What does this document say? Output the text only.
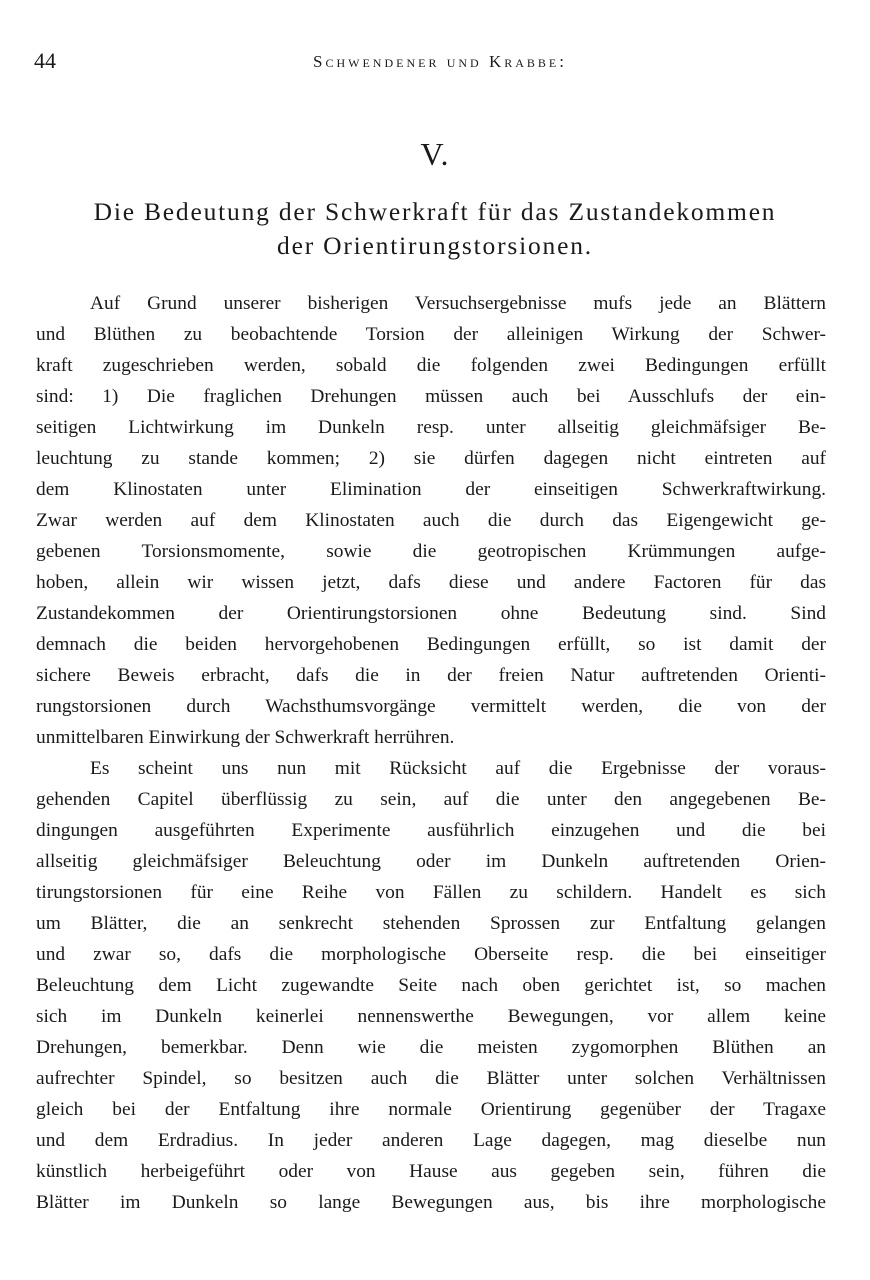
44	Schwendener und Krabbe:
V.
Die Bedeutung der Schwerkraft für das Zustandekommen
der Orientirungstorsionen.
Auf Grund unserer bisherigen Versuchsergebnisse mufs jede an Blättern
und Blüthen zu beobachtende Torsion der alleinigen Wirkung der Schwer-
kraft zugeschrieben werden, sobald die folgenden zwei Bedingungen erfüllt
sind: 1) Die fraglichen Drehungen müssen auch bei Ausschlufs der ein-
seitigen Lichtwirkung im Dunkeln resp. unter allseitig gleichmäfsiger Be-
leuchtung zu stande kommen; 2) sie dürfen dagegen nicht eintreten auf
dem Klinostaten unter Elimination der einseitigen Schwerkraftwirkung.
Zwar werden auf dem Klinostaten auch die durch das Eigengewicht ge-
gebenen Torsionsmomente, sowie die geotropischen Krümmungen aufge-
hoben, allein wir wissen jetzt, dafs diese und andere Factoren für das
Zustandekommen der Orientirungstorsionen ohne Bedeutung sind. Sind
demnach die beiden hervorgehobenen Bedingungen erfüllt, so ist damit der
sichere Beweis erbracht, dafs die in der freien Natur auftretenden Orienti-
rungstorsionen durch Wachsthumsvorgänge vermittelt werden, die von der
unmittelbaren Einwirkung der Schwerkraft herrühren.
Es scheint uns nun mit Rücksicht auf die Ergebnisse der voraus-
gehenden Capitel überflüssig zu sein, auf die unter den angegebenen Be-
dingungen ausgeführten Experimente ausführlich einzugehen und die bei
allseitig gleichmäfsiger Beleuchtung oder im Dunkeln auftretenden Orien-
tirungstorsionen für eine Reihe von Fällen zu schildern. Handelt es sich
um Blätter, die an senkrecht stehenden Sprossen zur Entfaltung gelangen
und zwar so, dafs die morphologische Oberseite resp. die bei einseitiger
Beleuchtung dem Licht zugewandte Seite nach oben gerichtet ist, so machen
sich im Dunkeln keinerlei nennenswerthe Bewegungen, vor allem keine
Drehungen, bemerkbar. Denn wie die meisten zygomorphen Blüthen an
aufrechter Spindel, so besitzen auch die Blätter unter solchen Verhältnissen
gleich bei der Entfaltung ihre normale Orientirung gegenüber der Tragaxe
und dem Erdradius. In jeder anderen Lage dagegen, mag dieselbe nun
künstlich herbeigeführt oder von Hause aus gegeben sein, führen die
Blätter im Dunkeln so lange Bewegungen aus, bis ihre morphologische
